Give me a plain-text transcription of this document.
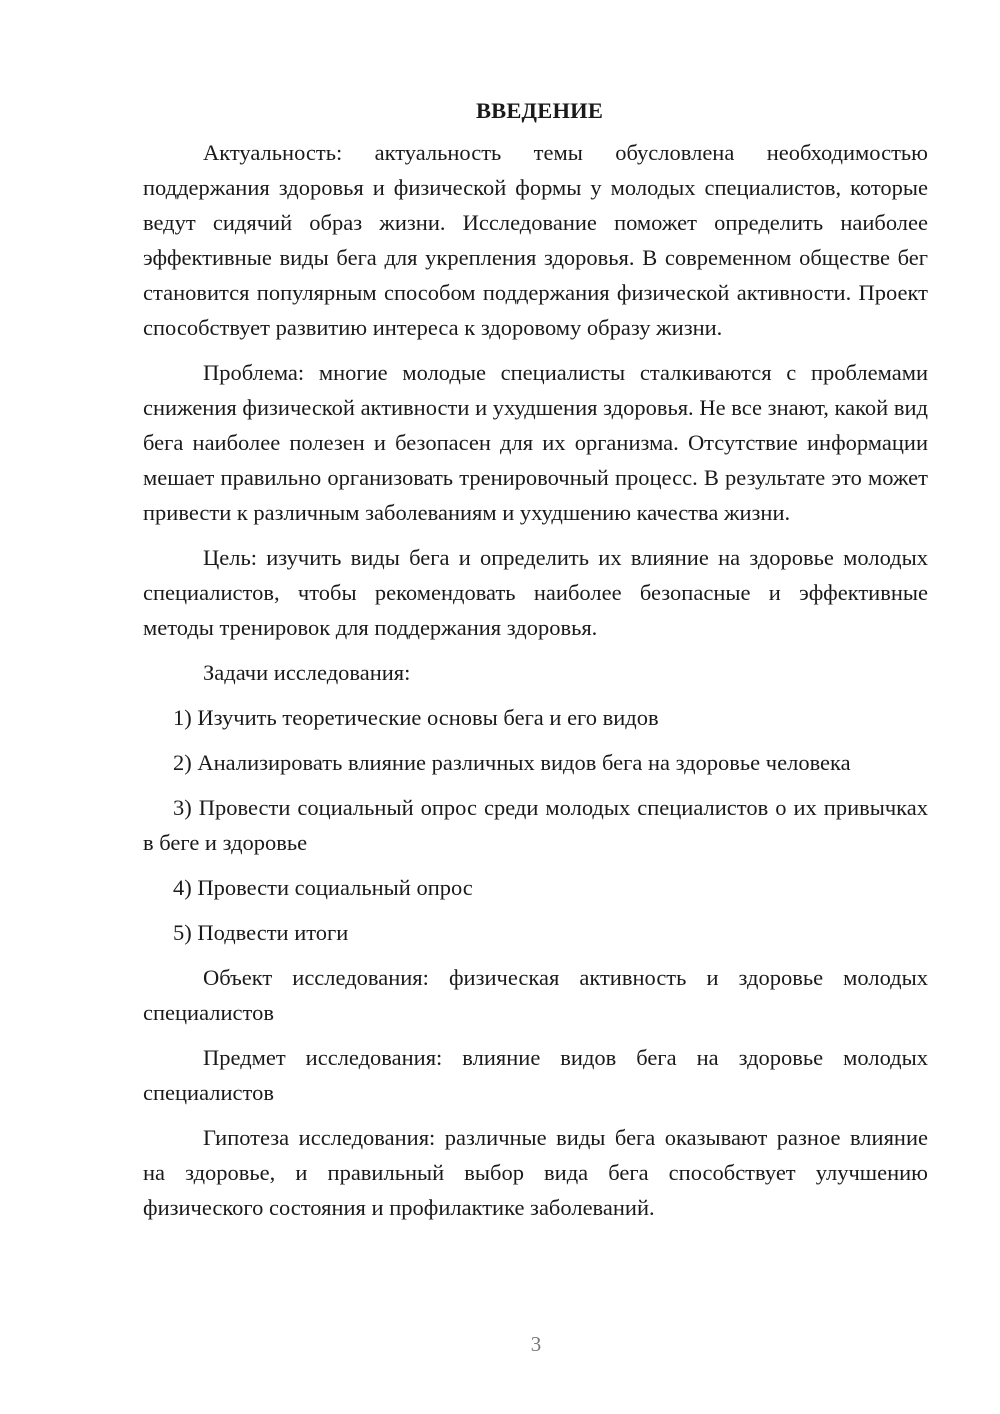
ВВЕДЕНИЕ

Актуальность: актуальность темы обусловлена необходимостью поддержания здоровья и физической формы у молодых специалистов, которые ведут сидячий образ жизни. Исследование поможет определить наиболее эффективные виды бега для укрепления здоровья. В современном обществе бег становится популярным способом поддержания физической активности. Проект способствует развитию интереса к здоровому образу жизни.

Проблема: многие молодые специалисты сталкиваются с проблемами снижения физической активности и ухудшения здоровья. Не все знают, какой вид бега наиболее полезен и безопасен для их организма. Отсутствие информации мешает правильно организовать тренировочный процесс. В результате это может привести к различным заболеваниям и ухудшению качества жизни.

Цель: изучить виды бега и определить их влияние на здоровье молодых специалистов, чтобы рекомендовать наиболее безопасные и эффективные методы тренировок для поддержания здоровья.

Задачи исследования:

1) Изучить теоретические основы бега и его видов
2) Анализировать влияние различных видов бега на здоровье человека
3) Провести социальный опрос среди молодых специалистов о их привычках в беге и здоровье
4) Провести социальный опрос
5) Подвести итоги

Объект исследования: физическая активность и здоровье молодых специалистов

Предмет исследования: влияние видов бега на здоровье молодых специалистов

Гипотеза исследования: различные виды бега оказывают разное влияние на здоровье, и правильный выбор вида бега способствует улучшению физического состояния и профилактике заболеваний.

3
